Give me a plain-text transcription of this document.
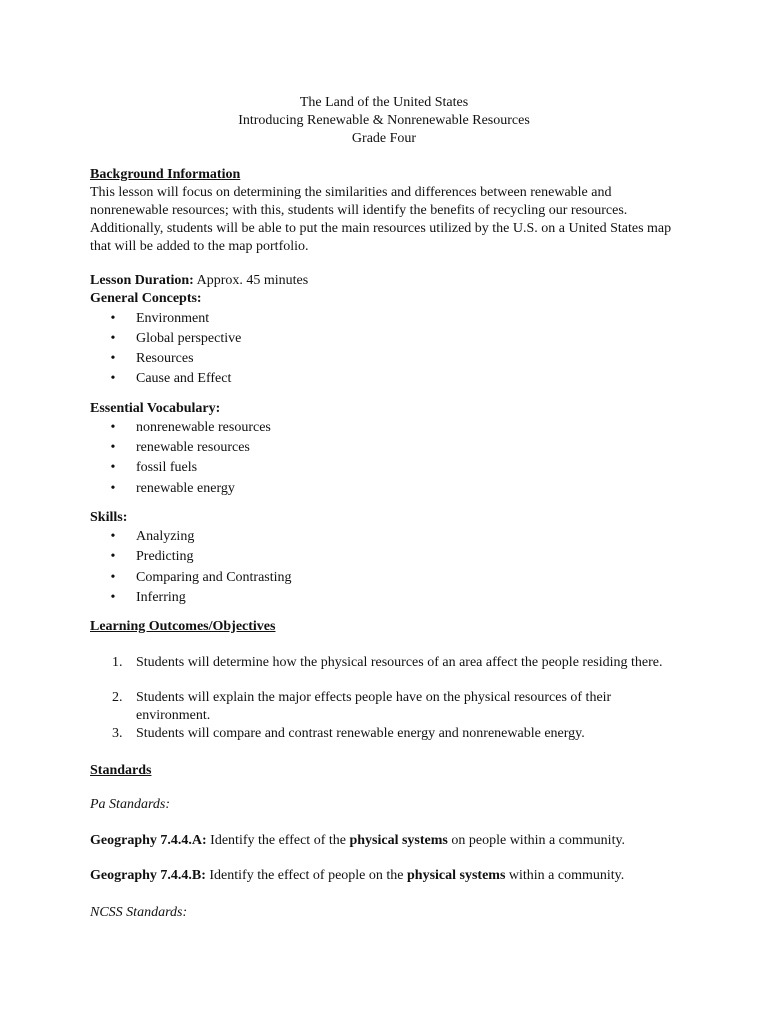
The Land of the United States
Introducing Renewable & Nonrenewable Resources
Grade Four
Background Information
This lesson will focus on determining the similarities and differences between renewable and nonrenewable resources; with this, students will identify the benefits of recycling our resources. Additionally, students will be able to put the main resources utilized by the U.S. on a United States map that will be added to the map portfolio.
Lesson Duration: Approx. 45 minutes
General Concepts:
• Environment
• Global perspective
• Resources
• Cause and Effect
Essential Vocabulary:
• nonrenewable resources
• renewable resources
• fossil fuels
• renewable energy
Skills:
• Analyzing
• Predicting
• Comparing and Contrasting
• Inferring
Learning Outcomes/Objectives
1. Students will determine how the physical resources of an area affect the people residing there.
2. Students will explain the major effects people have on the physical resources of their environment.
3. Students will compare and contrast renewable energy and nonrenewable energy.
Standards
Pa Standards:
Geography 7.4.4.A: Identify the effect of the physical systems on people within a community.
Geography 7.4.4.B: Identify the effect of people on the physical systems within a community.
NCSS Standards:
